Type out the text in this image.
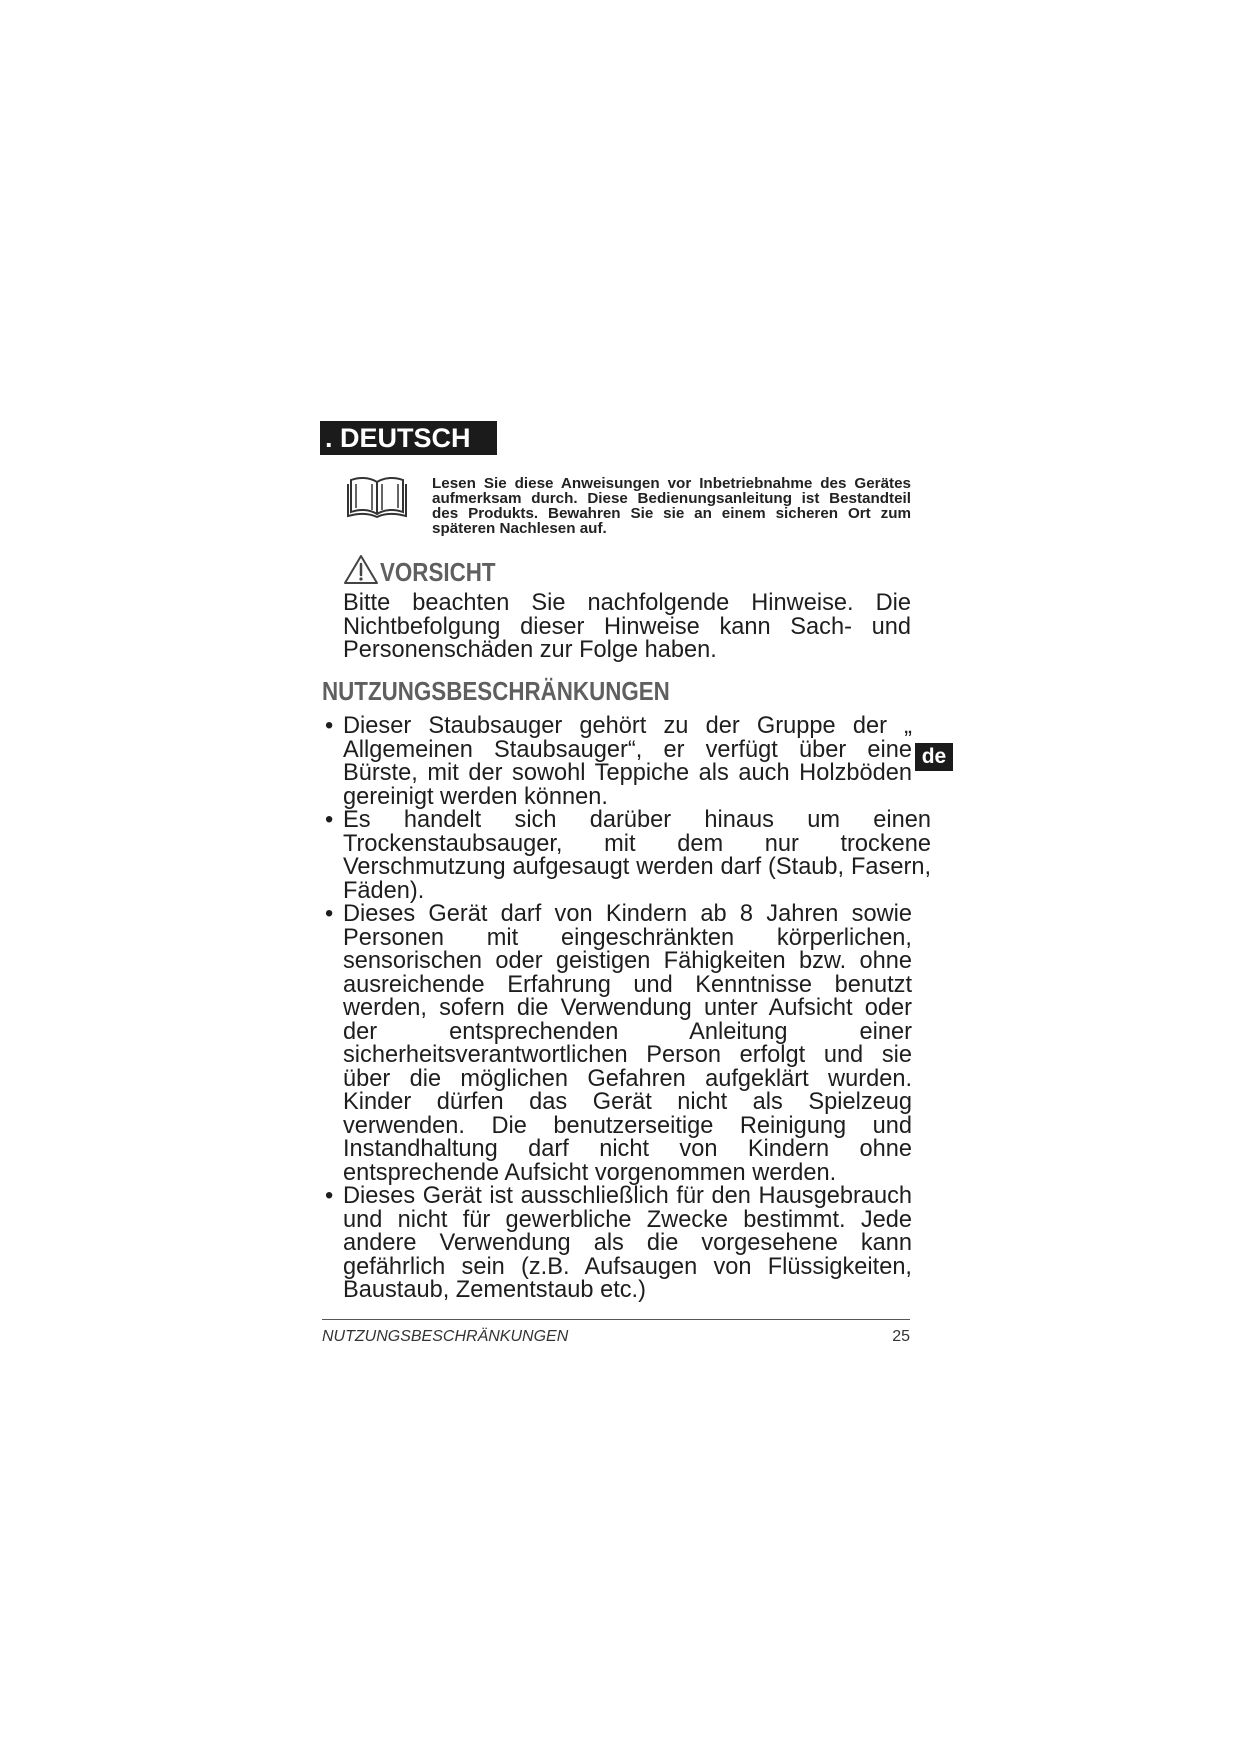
. DEUTSCH
Lesen Sie diese Anweisungen vor Inbetriebnahme des Gerätes aufmerksam durch. Diese Bedienungsanleitung ist Bestandteil des Produkts. Bewahren Sie sie an einem sicheren Ort zum späteren Nachlesen auf.
VORSICHT
Bitte beachten Sie nachfolgende Hinweise. Die Nichtbefolgung dieser Hinweise kann Sach- und Personenschäden zur Folge haben.
NUTZUNGSBESCHRÄNKUNGEN
• Dieser Staubsauger gehört zu der Gruppe der „ Allgemeinen Staubsauger“, er verfügt über eine Bürste, mit der sowohl Teppiche als auch Holzböden gereinigt werden können.
• Es handelt sich darüber hinaus um einen Trockenstaubsauger, mit dem nur trockene Verschmutzung aufgesaugt werden darf (Staub, Fasern, Fäden).
• Dieses Gerät darf von Kindern ab 8 Jahren sowie Personen mit eingeschränkten körperlichen, sensorischen oder geistigen Fähigkeiten bzw. ohne ausreichende Erfahrung und Kenntnisse benutzt werden, sofern die Verwendung unter Aufsicht oder der entsprechenden Anleitung einer sicherheitsverantwortlichen Person erfolgt und sie über die möglichen Gefahren aufgeklärt wurden. Kinder dürfen das Gerät nicht als Spielzeug verwenden. Die benutzerseitige Reinigung und Instandhaltung darf nicht von Kindern ohne entsprechende Aufsicht vorgenommen werden.
• Dieses Gerät ist ausschließlich für den Hausgebrauch und nicht für gewerbliche Zwecke bestimmt. Jede andere Verwendung als die vorgesehene kann gefährlich sein (z.B. Aufsaugen von Flüssigkeiten, Baustaub, Zementstaub etc.)
de
NUTZUNGSBESCHRÄNKUNGEN	25
